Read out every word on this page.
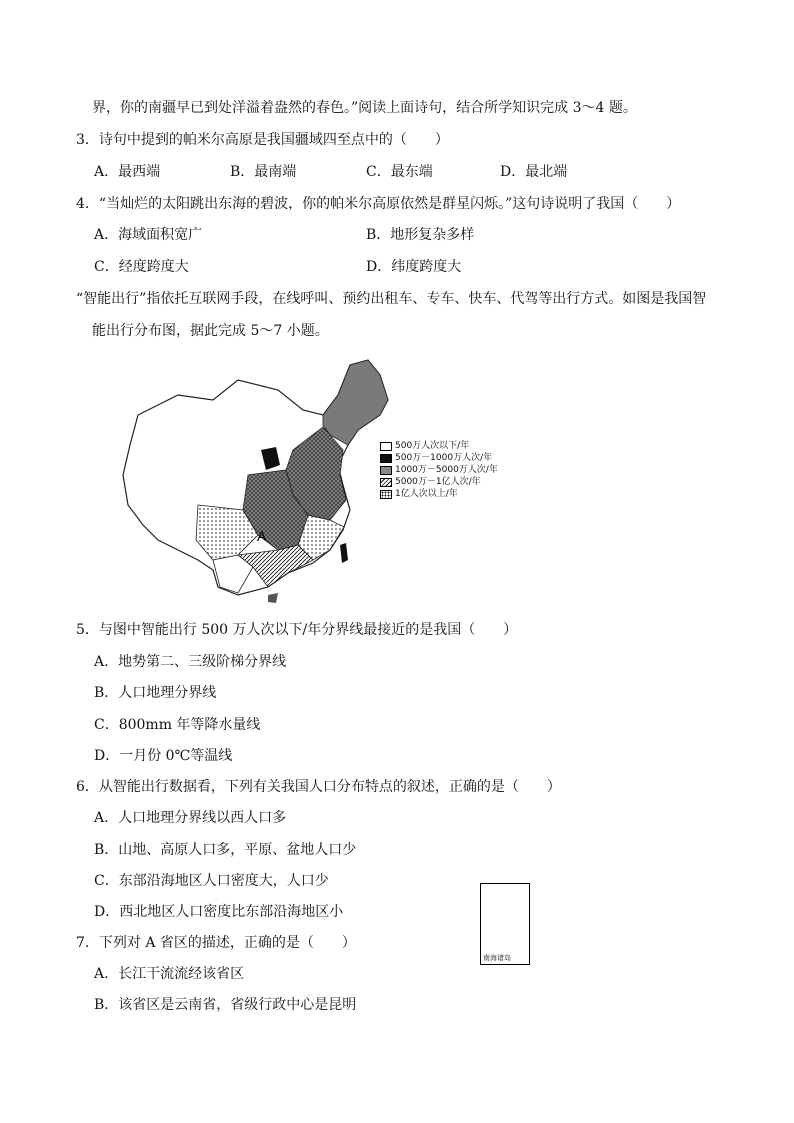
界，你的南疆早已到处洋溢着盎然的春色。”阅读上面诗句，结合所学知识完成 3～4 题。
3．诗句中提到的帕米尔高原是我国疆域四至点中的（　　）
A．最西端	B．最南端	C．最东端	D．最北端
4．“当灿烂的太阳跳出东海的碧波，你的帕米尔高原依然是群星闪烁。”这句诗说明了我国（　　）
A．海域面积宽广	B．地形复杂多样
C．经度跨度大	D．纬度跨度大
“智能出行”指依托互联网手段，在线呼叫、预约出租车、专车、快车、代驾等出行方式。如图是我国智
能出行分布图，据此完成 5～7 小题。
A
南海诸岛
500万人次以下/年
500万－1000万人次/年
1000万－5000万人次/年
5000万－1亿人次/年
1亿人次以上/年
5．与图中智能出行 500 万人次以下/年分界线最接近的是我国（　　）
A．地势第二、三级阶梯分界线
B．人口地理分界线
C．800mm 年等降水量线
D．一月份 0℃等温线
6．从智能出行数据看，下列有关我国人口分布特点的叙述，正确的是（　　）
A．人口地理分界线以西人口多
B．山地、高原人口多，平原、盆地人口少
C．东部沿海地区人口密度大，人口少
D．西北地区人口密度比东部沿海地区小
7．下列对 A 省区的描述，正确的是（　　）
A．长江干流流经该省区
B．该省区是云南省，省级行政中心是昆明
